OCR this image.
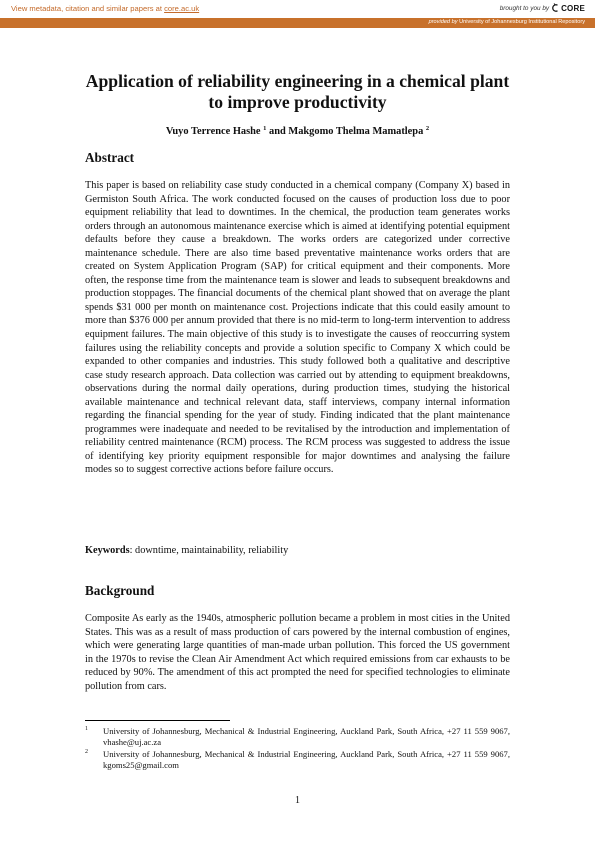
View metadata, citation and similar papers at core.ac.uk	brought to you by CORE
provided by University of Johannesburg Institutional Repository
Application of reliability engineering in a chemical plant
to improve productivity

Vuyo Terrence Hashe $^1$ and Makgomo Thelma Mamatlepa $^2$

Abstract

This paper is based on reliability case study conducted in a chemical company (Company X) based in Germiston South Africa. The work conducted focused on the causes of production loss due to poor equipment reliability that lead to downtimes. In the chemical, the production team generates works orders through an autonomous maintenance exercise which is aimed at identifying potential equipment defaults before they cause a breakdown. The works orders are categorized under corrective maintenance schedule. There are also time based preventative maintenance works orders that are created on System Application Program (SAP) for critical equipment and their components. More often, the response time from the maintenance team is slower and leads to subsequent breakdowns and production stoppages. The financial documents of the chemical plant showed that on average the plant spends $31 000 per month on maintenance cost. Projections indicate that this could easily amount to more than $376 000 per annum provided that there is no mid-term to long-term intervention to address equipment failures. The main objective of this study is to investigate the causes of reoccurring system failures using the reliability concepts and provide a solution specific to Company X which could be expanded to other companies and industries. This study followed both a qualitative and descriptive case study research approach. Data collection was carried out by attending to equipment breakdowns, observations during the normal daily operations, during production times, studying the historical available maintenance and technical relevant data, staff interviews, company internal information regarding the financial spending for the year of study. Finding indicated that the plant maintenance programmes were inadequate and needed to be revitalised by the introduction and implementation of reliability centred maintenance (RCM) process. The RCM process was suggested to address the issue of identifying key priority equipment responsible for major downtimes and analysing the failure modes so to suggest corrective actions before failure occurs.

Keywords: downtime, maintainability, reliability

Background

Composite As early as the 1940s, atmospheric pollution became a problem in most cities in the United States. This was as a result of mass production of cars powered by the internal combustion of engines, which were generating large quantities of man-made urban pollution. This forced the US government in the 1970s to revise the Clean Air Amendment Act which required emissions from car exhausts to be reduced by 90%. The amendment of this act prompted the need for specified technologies to eliminate pollution from cars.

1 University of Johannesburg, Mechanical & Industrial Engineering, Auckland Park, South Africa, +27 11 559 9067, vhashe@uj.ac.za
2 University of Johannesburg, Mechanical & Industrial Engineering, Auckland Park, South Africa, +27 11 559 9067, kgoms25@gmail.com

1
